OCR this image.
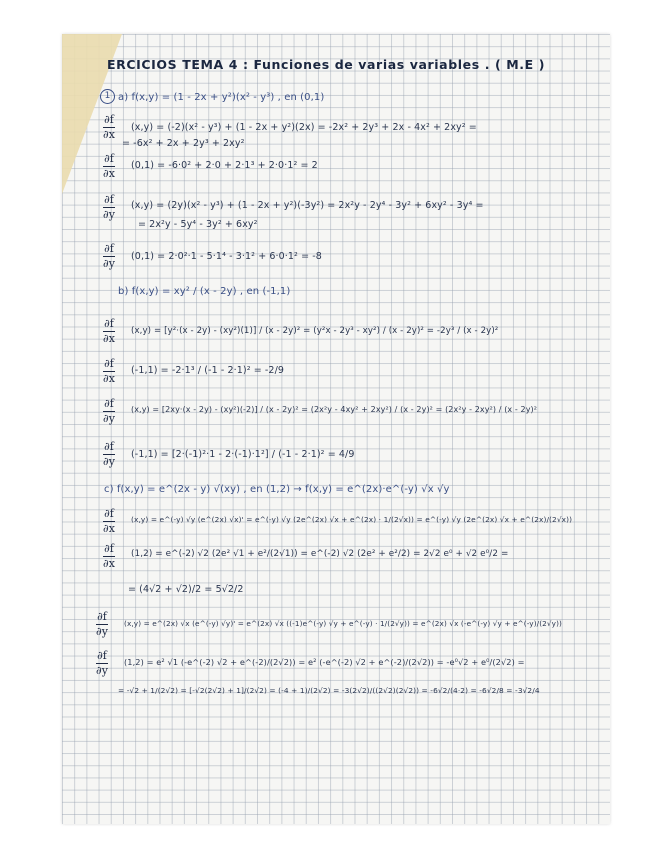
ERCICIOS TEMA 4 : Funciones de varias variables . ( M.E )
1 a) f(x,y) = (1 - 2x + y²)(x² - y³) , en (0,1)
$\frac{\partial f}{\partial x} (x,y) = (-2)(x^2 - y^3) + (1 - 2x + y^2)(2x) = -2x^2 + 2y^3 + 2x - 4x^2 + 2xy^2$ =
= -6x² + 2x + 2y³ + 2xy²
$\frac{\partial f}{\partial x} (0,1) = -6\cdot 0^2 + 2\cdot 0 + 2\cdot 1^3 + 2\cdot 0\cdot 1^2 = 2$
$\frac{\partial f}{\partial y} (x,y) = (2y)(x^2 - y^3) + (1 - 2x + y^2)(-3y^2) = 2x^2y - 2y^4 - 3y^2 + 6xy^2 - 3y^4$ =
= 2x²y - 5y⁴ - 3y² + 6xy²
$\frac{\partial f}{\partial y} (0,1) = 2\cdot 0^2\cdot 1 - 5\cdot 1^4 - 3\cdot 1^2 + 6\cdot 0\cdot 1^2 = -8$
b) f(x,y) = xy² / (x - 2y) , en (-1,1)
$\frac{\partial f}{\partial x} (x,y) = [y^2\cdot(x - 2y) - (xy^2)(1)] / (x - 2y)^2 = (y^2x - 2y^3 - xy^2) / (x - 2y)^2 = -2y^3 / (x - 2y)^2$
$\frac{\partial f}{\partial x} (-1,1) = -2\cdot 1^3 / (-1 - 2\cdot 1)^2 = -2/9$
$\frac{\partial f}{\partial y} (x,y) = [2xy\cdot(x - 2y) - (xy^2)(-2)] / (x - 2y)^2 = (2x^2y - 4xy^2 + 2xy^2) / (x - 2y)^2 = (2x^2y - 2xy^2) / (x - 2y)^2$
$\frac{\partial f}{\partial y} (-1,1) = [2\cdot(-1)^2\cdot 1 - 2\cdot(-1)\cdot 1^2] / (-1 - 2\cdot 1)^2 = 4/9$
c) f(x,y) = e^(2x - y) √(xy) , en (1,2) → f(x,y) = e^(2x)·e^(-y) √x √y
$\frac{\partial f}{\partial x} (x,y)$ = e^(-y) √y (e^(2x) √x)' = e^(-y) √y (2e^(2x) √x + e^(2x) · 1/(2√x)) = e^(-y) √y (2e^(2x) √x + e^(2x)/(2√x))
$\frac{\partial f}{\partial x} (1,2)$ = e^(-2) √2 (2e² √1 + e²/(2√1)) = e^(-2) √2 (2e² + e²/2) = 2√2 e⁰ + √2 e⁰/2 =
= (4√2 + √2)/2 = 5√2/2
$\frac{\partial f}{\partial y} (x,y)$ = e^(2x) √x (e^(-y) √y)' = e^(2x) √x ((-1)e^(-y) √y + e^(-y) · 1/(2√y)) = e^(2x) √x (-e^(-y) √y + e^(-y)/(2√y))
$\frac{\partial f}{\partial y} (1,2) = e^2$ √1 (-e^(-2) √2 + e^(-2)/(2√2)) = e² (-e^(-2) √2 + e^(-2)/(2√2)) = -e⁰√2 + e⁰/(2√2) =
= -√2 + 1/(2√2) = [-√2(2√2) + 1]/(2√2) = (-4 + 1)/(2√2) = -3(2√2)/((2√2)(2√2)) = -6√2/(4·2) = -6√2/8 = -3√2/4
